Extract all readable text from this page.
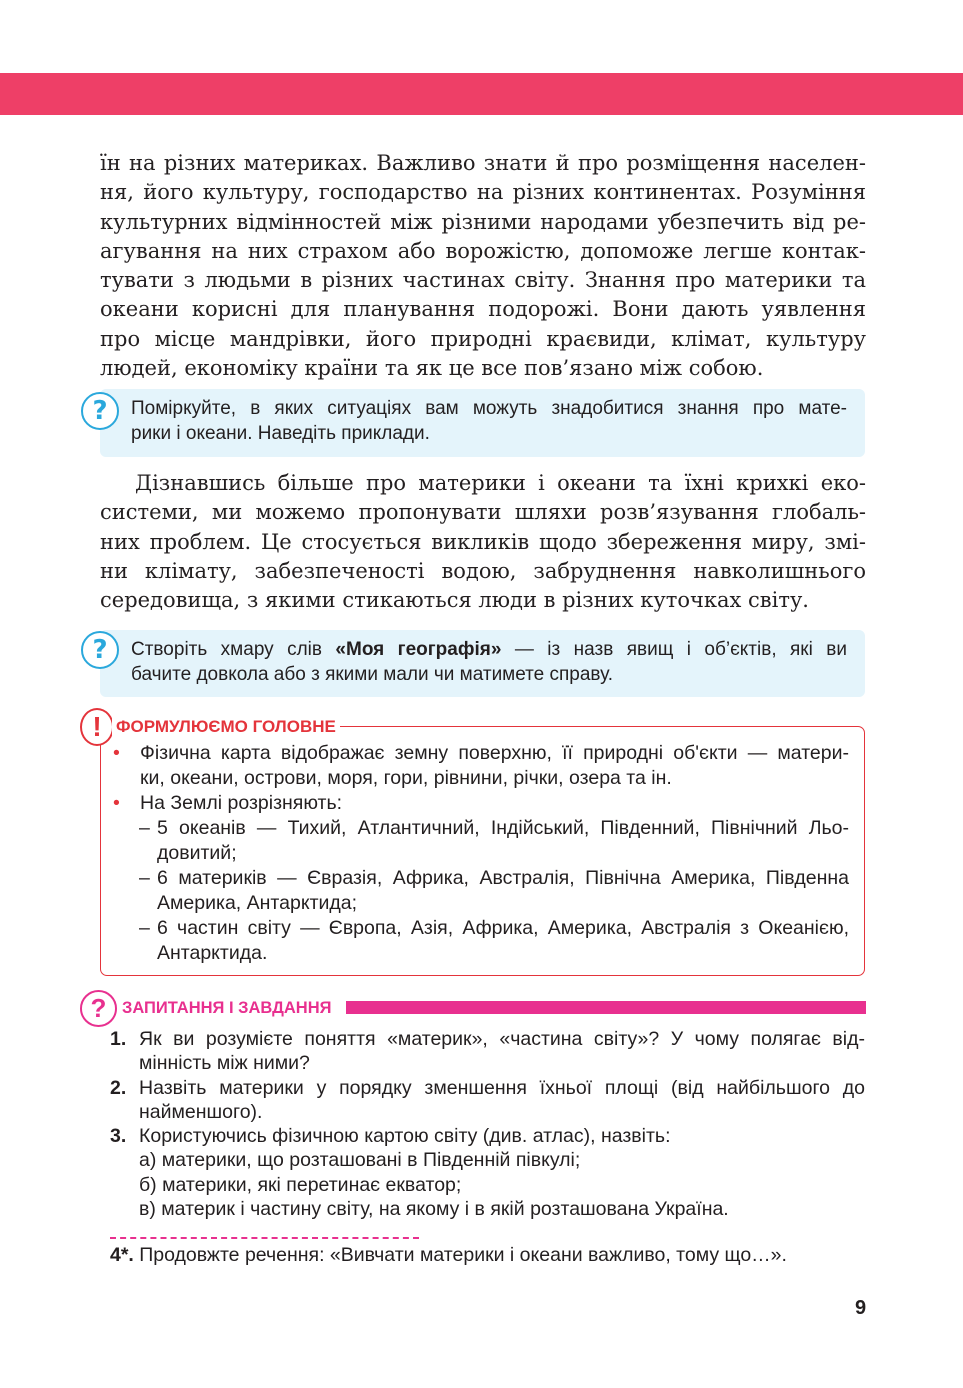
їн на різних материках. Важливо знати й про розміщення населен-
ня, його культуру, господарство на різних континентах. Розуміння
культурних відмінностей між різними народами убезпечить від ре-
агування на них страхом або ворожістю, допоможе легше контак-
тувати з людьми в різних частинах світу. Знання про материки та
океани корисні для планування подорожі. Вони дають уявлення
про місце мандрівки, його природні краєвиди, клімат, культуру
людей, економіку країни та як це все пов’язано між собою.

Поміркуйте, в яких ситуаціях вам можуть знадобитися знання про мате-
рики і океани. Наведіть приклади.
?

Дізнавшись більше про материки і океани та їхні крихкі еко-
системи, ми можемо пропонувати шляхи розв’язування глобаль-
них проблем. Це стосується викликів щодо збереження миру, змі-
ни клімату, забезпеченості водою, забруднення навколишнього
середовища, з якими стикаються люди в різних куточках світу.

Створіть хмару слів «Моя географія» — із назв явищ і об’єктів, які ви
бачите довкола або з якими мали чи матимете справу.
?
! ФОРМУЛЮЄМО ГОЛОВНЕ
• Фізична карта відображає земну поверхню, її природні об'єкти — матери-
ки, океани, острови, моря, гори, рівнини, річки, озера та ін.
• На Землі розрізняють:
– 5 океанів — Тихий, Атлантичний, Індійський, Південний, Північний Льо-
довитий;
– 6 материків — Євразія, Африка, Австралія, Північна Америка, Південна
Америка, Антарктида;
– 6 частин світу — Європа, Азія, Африка, Америка, Австралія з Океанією,
Антарктида.
? ЗАПИТАННЯ І ЗАВДАННЯ
1. Як ви розумієте поняття «материк», «частина світу»? У чому полягає від-
мінність між ними?
2. Назвіть материки у порядку зменшення їхньої площі (від найбільшого до
найменшого).
3. Користуючись фізичною картою світу (див. атлас), назвіть:
а) материки, що розташовані в Південній півкулі;
б) материки, які перетинає екватор;
в) материк і частину світу, на якому і в якій розташована Україна.
4*. Продовжте речення: «Вивчати материки і океани важливо, тому що…».
9
